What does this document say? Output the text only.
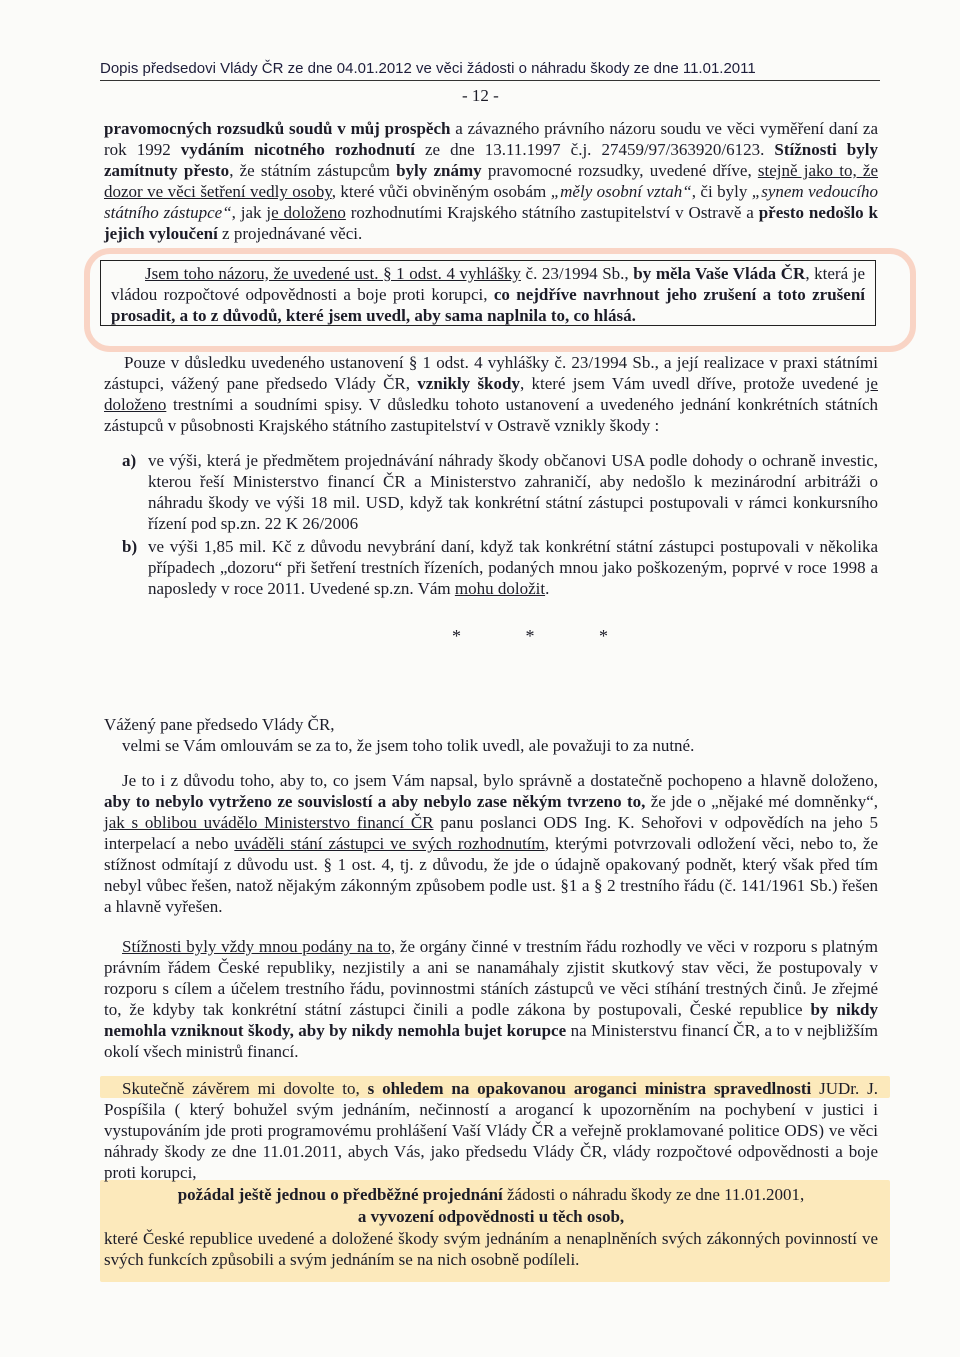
Dopis předsedovi Vlády ČR ze dne 04.01.2012 ve věci žádosti o náhradu škody ze dne 11.01.2011
- 12 -
pravomocných rozsudků soudů v můj prospěch a závazného právního názoru soudu ve věci vyměření daní za rok 1992 vydáním nicotného rozhodnutí ze dne 13.11.1997 č.j. 27459/97/363920/6123. Stížnosti byly zamítnuty přesto, že státním zástupcům byly známy pravomocné rozsudky, uvedené dříve, stejně jako to, že dozor ve věci šetření vedly osoby, které vůči obviněným osobám „měly osobní vztah“, či byly „synem vedoucího státního zástupce“, jak je doloženo rozhodnutími Krajského státního zastupitelství v Ostravě a přesto nedošlo k jejich vyloučení z projednávané věci.
Jsem toho názoru, že uvedené ust. § 1 odst. 4 vyhlášky č. 23/1994 Sb., by měla Vaše Vláda ČR, která je vládou rozpočtové odpovědnosti a boje proti korupci, co nejdříve navrhnout jeho zrušení a toto zrušení prosadit, a to z důvodů, které jsem uvedl, aby sama naplnila to, co hlásá.
Pouze v důsledku uvedeného ustanovení § 1 odst. 4 vyhlášky č. 23/1994 Sb., a její realizace v praxi státními zástupci, vážený pane předsedo Vlády ČR, vznikly škody, které jsem Vám uvedl dříve, protože uvedené je doloženo trestními a soudními spisy. V důsledku tohoto ustanovení a uvedeného jednání konkrétních státních zástupců v působnosti Krajského státního zastupitelství v Ostravě vznikly škody :
a) ve výši, která je předmětem projednávání náhrady škody občanovi USA podle dohody o ochraně investic, kterou řeší Ministerstvo financí ČR a Ministerstvo zahraničí, aby nedošlo k mezinárodní arbitráži o náhradu škody ve výši 18 mil. USD, když tak konkrétní státní zástupci postupovali v rámci konkursního řízení pod sp.zn. 22 K 26/2006
b) ve výši 1,85 mil. Kč z důvodu nevybrání daní, když tak konkrétní státní zástupci postupovali v několika případech „dozoru“ při šetření trestních řízeních, podaných mnou jako poškozeným, poprvé v roce 1998 a naposledy v roce 2011. Uvedené sp.zn. Vám mohu doložit.
* * *
Vážený pane předsedo Vlády ČR,
velmi se Vám omlouvám se za to, že jsem toho tolik uvedl, ale považuji to za nutné.
Je to i z důvodu toho, aby to, co jsem Vám napsal, bylo správně a dostatečně pochopeno a hlavně doloženo, aby to nebylo vytrženo ze souvislostí a aby nebylo zase někým tvrzeno to, že jde o „nějaké mé domněnky“, jak s oblibou uvádělo Ministerstvo financí ČR panu poslanci ODS Ing. K. Sehořovi v odpovědích na jeho 5 interpelací a nebo uváděli stání zástupci ve svých rozhodnutím, kterými potvrzovali odložení věci, nebo to, že stížnost odmítají z důvodu ust. § 1 ost. 4, tj. z důvodu, že jde o údajně opakovaný podnět, který však před tím nebyl vůbec řešen, natož nějakým zákonným způsobem podle ust. §1 a § 2 trestního řádu (č. 141/1961 Sb.) řešen a hlavně vyřešen.
Stížnosti byly vždy mnou podány na to, že orgány činné v trestním řádu rozhodly ve věci v rozporu s platným právním řádem České republiky, nezjistily a ani se nanamáhaly zjistit skutkový stav věci, že postupovaly v rozporu s cílem a účelem trestního řádu, povinnostmi stáních zástupců ve věci stíhání trestných činů. Je zřejmé to, že kdyby tak konkrétní státní zástupci činili a podle zákona by postupovali, České republice by nikdy nemohla vzniknout škody, aby by nikdy nemohla bujet korupce na Ministerstvu financí ČR, a to v nejbližším okolí všech ministrů financí.
Skutečně závěrem mi dovolte to, s ohledem na opakovanou aroganci ministra spravedlnosti JUDr. J. Pospíšila ( který bohužel svým jednáním, nečinností a arogancí k upozorněním na pochybení v justici i vystupováním jde proti programovému prohlášení Vaší Vlády ČR a veřejně proklamované politice ODS) ve věci náhrady škody ze dne 11.01.2011, abych Vás, jako předsedu Vlády ČR, vlády rozpočtové odpovědnosti a boje proti korupci,
požádal ještě jednou o předběžné projednání žádosti o náhradu škody ze dne 11.01.2001,
a vyvození odpovědnosti u těch osob,
které České republice uvedené a doložené škody svým jednáním a nenaplněních svých zákonných povinností ve svých funkcích způsobili a svým jednáním se na nich osobně podíleli.
